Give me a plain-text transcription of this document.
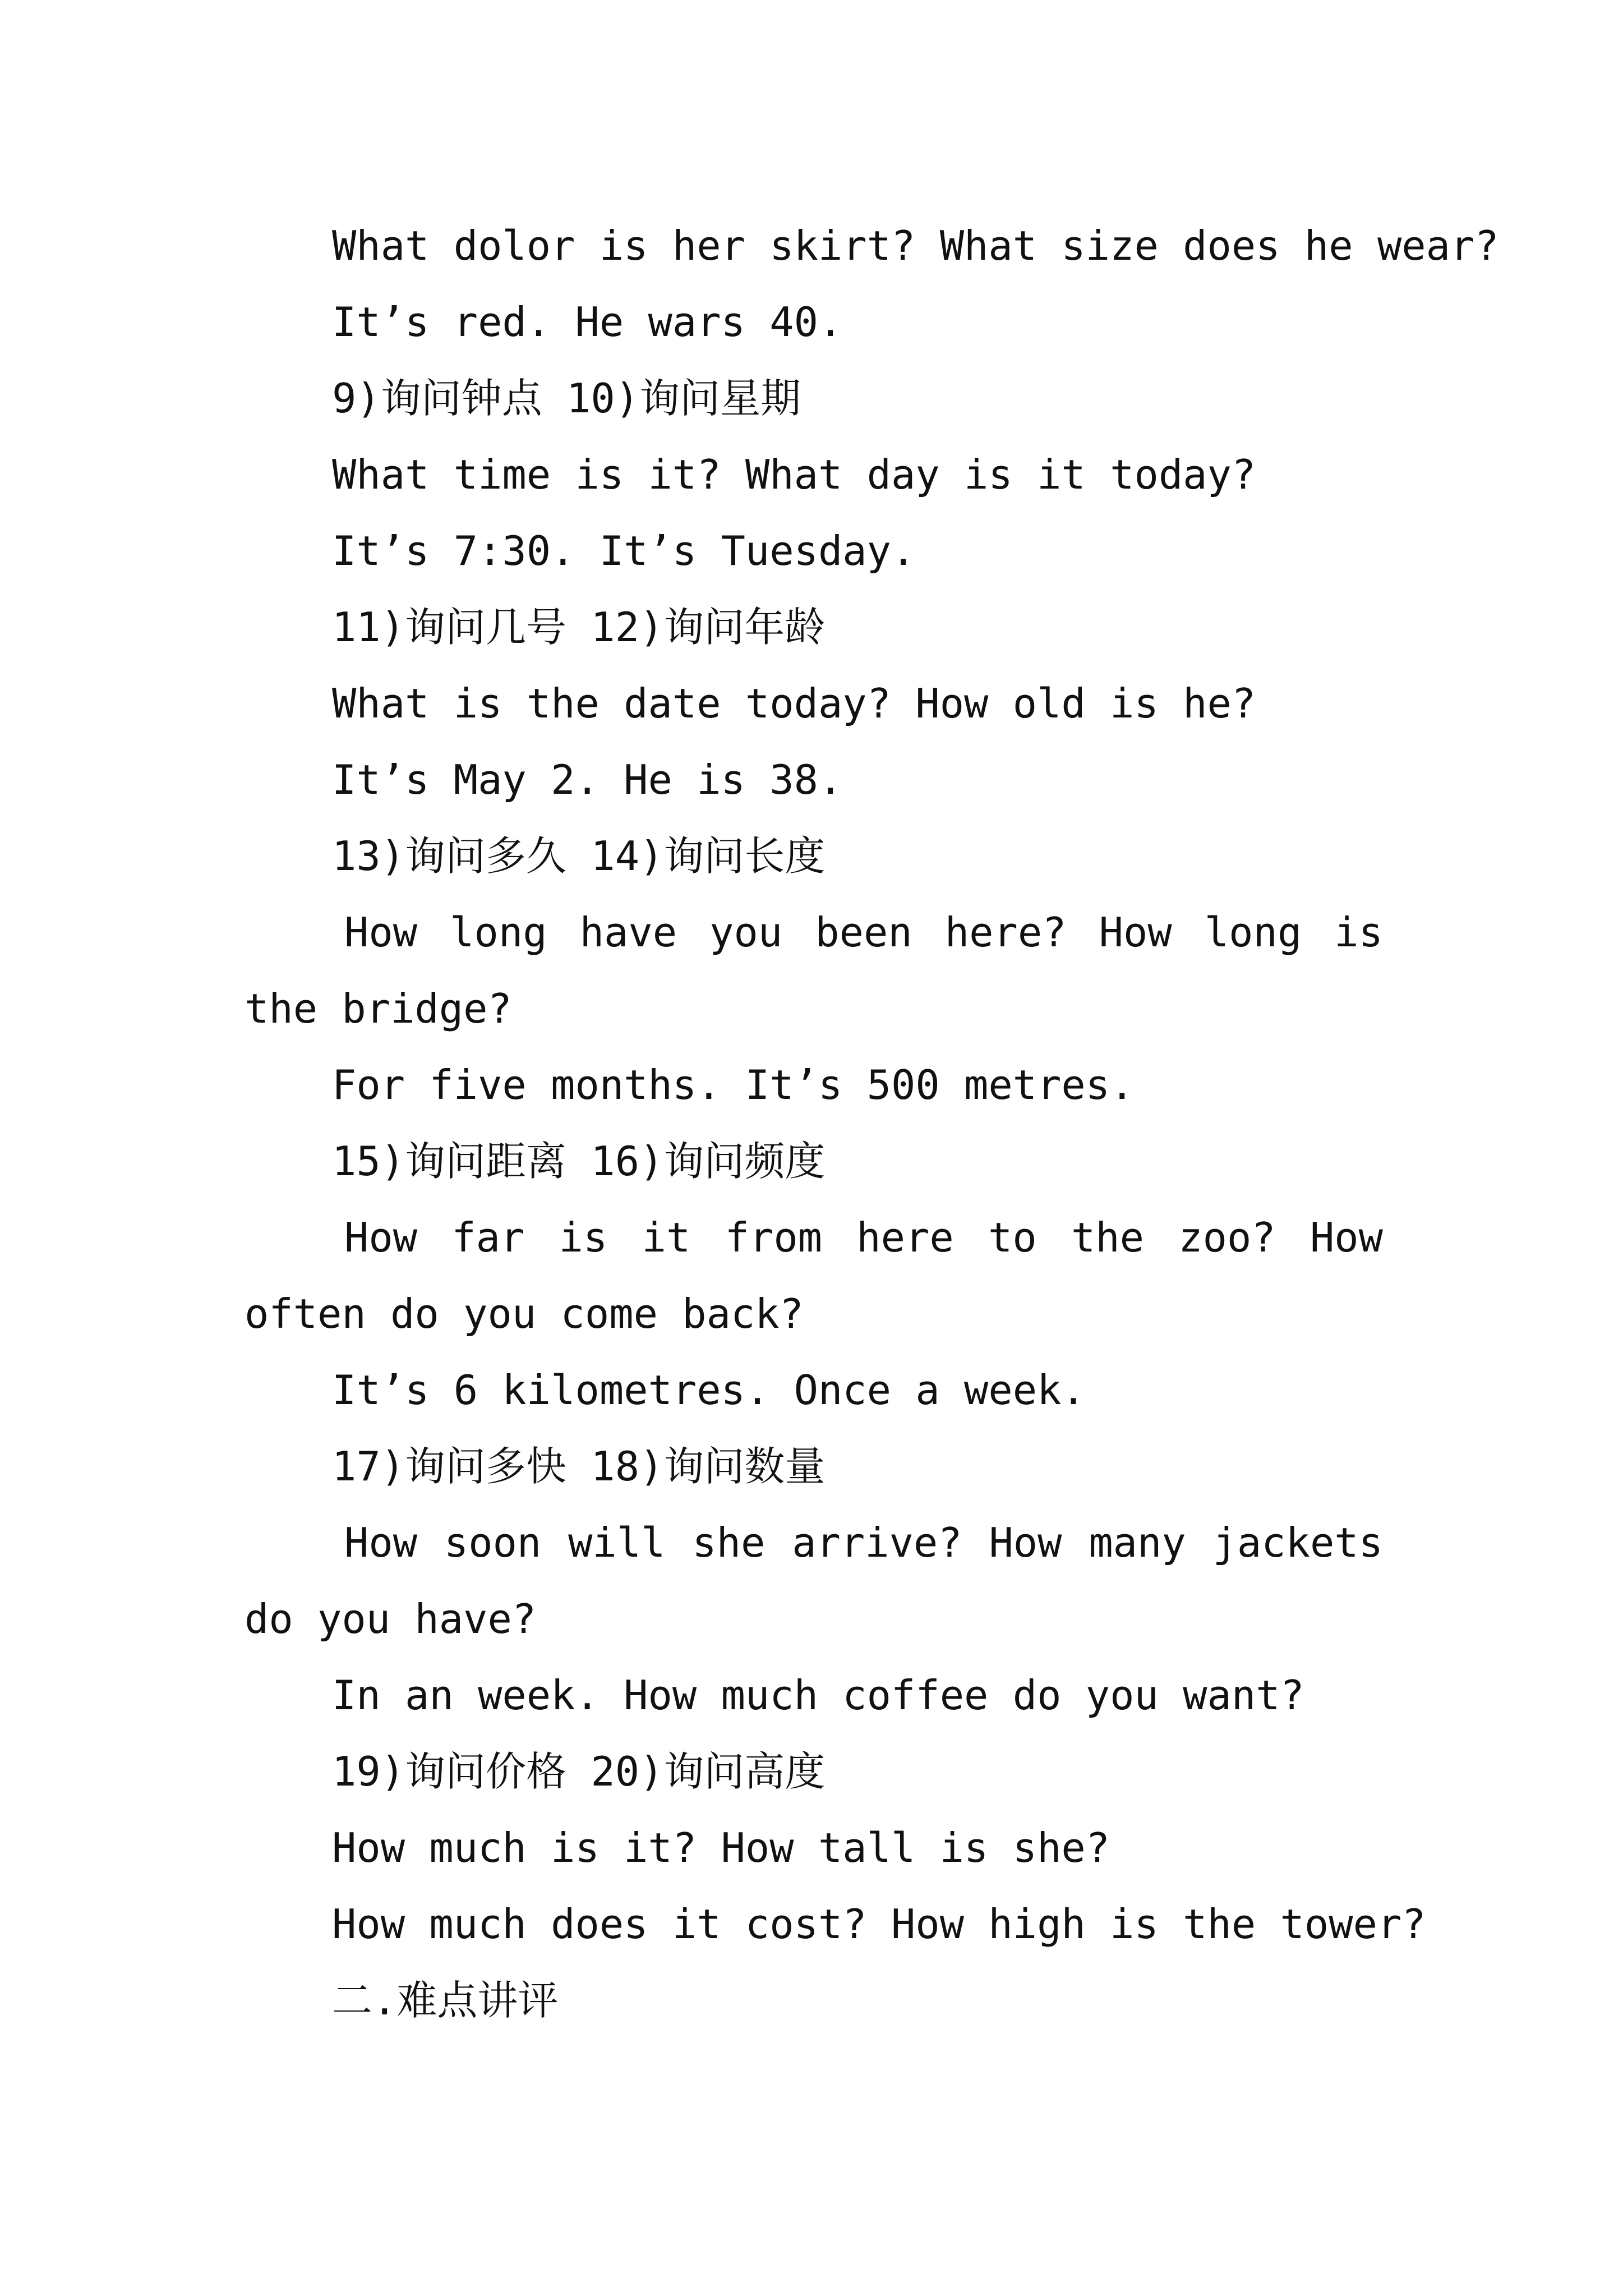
What dolor is her skirt? What size does he wear?

It’s red. He wars 40.

9)询问钟点 10)询问星期

What time is it? What day is it today?

It’s 7:30. It’s Tuesday.

11)询问几号 12)询问年龄

What is the date today? How old is he?

It’s May 2. He is 38.

13)询问多久 14)询问长度

How long have you been here? How long is the bridge?

For five months. It’s 500 metres.

15)询问距离 16)询问频度

How far is it from here to the zoo? How often do you come back?

It’s 6 kilometres. Once a week.

17)询问多快 18)询问数量

How soon will she arrive? How many jackets do you have?

In an week. How much coffee do you want?

19)询问价格 20)询问高度

How much is it? How tall is she?

How much does it cost? How high is the tower?

二.难点讲评
